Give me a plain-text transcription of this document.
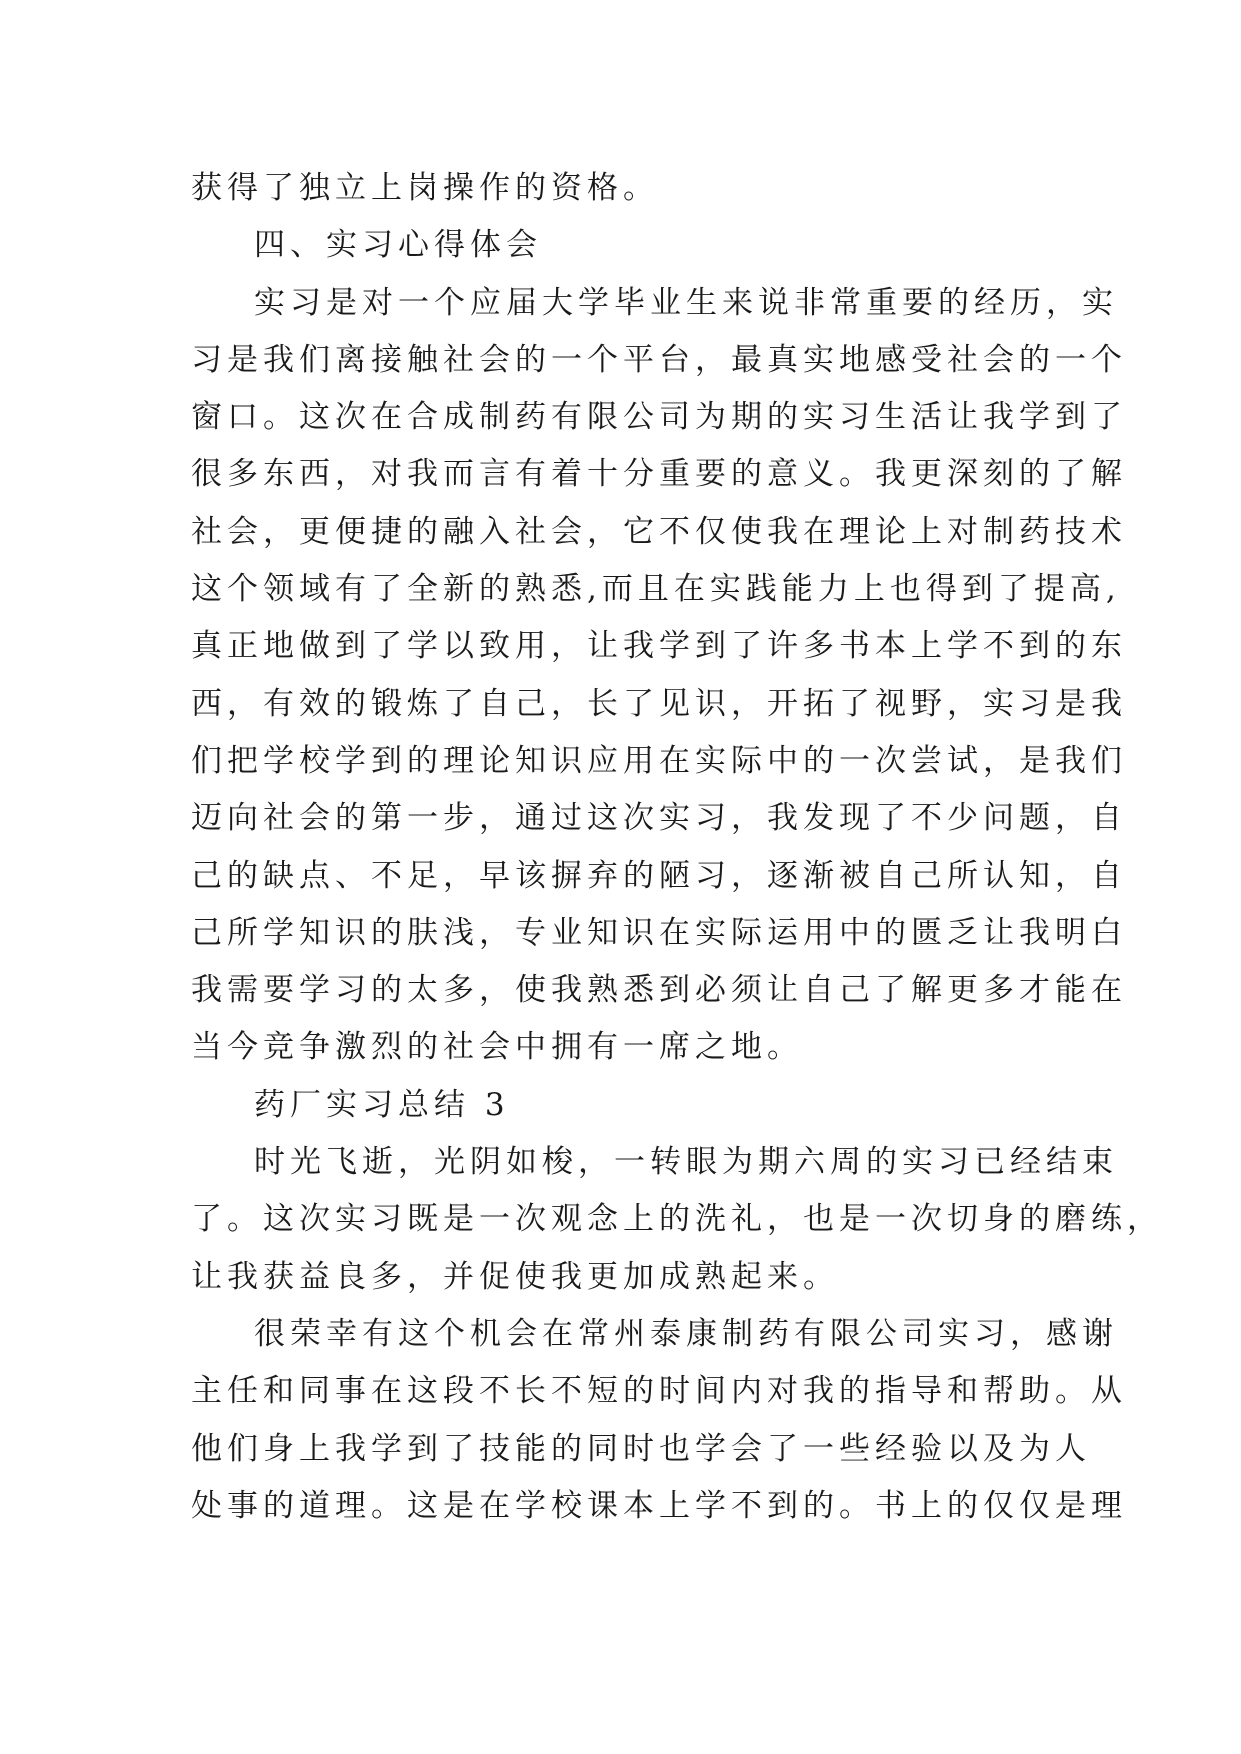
获得了独立上岗操作的资格。
四、实习心得体会
实习是对一个应届大学毕业生来说非常重要的经历，实
习是我们离接触社会的一个平台，最真实地感受社会的一个
窗口。这次在合成制药有限公司为期的实习生活让我学到了
很多东西，对我而言有着十分重要的意义。我更深刻的了解
社会，更便捷的融入社会，它不仅使我在理论上对制药技术
这个领域有了全新的熟悉,而且在实践能力上也得到了提高,
真正地做到了学以致用，让我学到了许多书本上学不到的东
西，有效的锻炼了自己，长了见识，开拓了视野，实习是我
们把学校学到的理论知识应用在实际中的一次尝试，是我们
迈向社会的第一步，通过这次实习，我发现了不少问题，自
己的缺点、不足，早该摒弃的陋习，逐渐被自己所认知，自
己所学知识的肤浅，专业知识在实际运用中的匮乏让我明白
我需要学习的太多，使我熟悉到必须让自己了解更多才能在
当今竞争激烈的社会中拥有一席之地。
药厂实习总结 3
时光飞逝，光阴如梭，一转眼为期六周的实习已经结束
了。这次实习既是一次观念上的洗礼，也是一次切身的磨练，
让我获益良多，并促使我更加成熟起来。
很荣幸有这个机会在常州泰康制药有限公司实习，感谢
主任和同事在这段不长不短的时间内对我的指导和帮助。从
他们身上我学到了技能的同时也学会了一些经验以及为人
处事的道理。这是在学校课本上学不到的。书上的仅仅是理
